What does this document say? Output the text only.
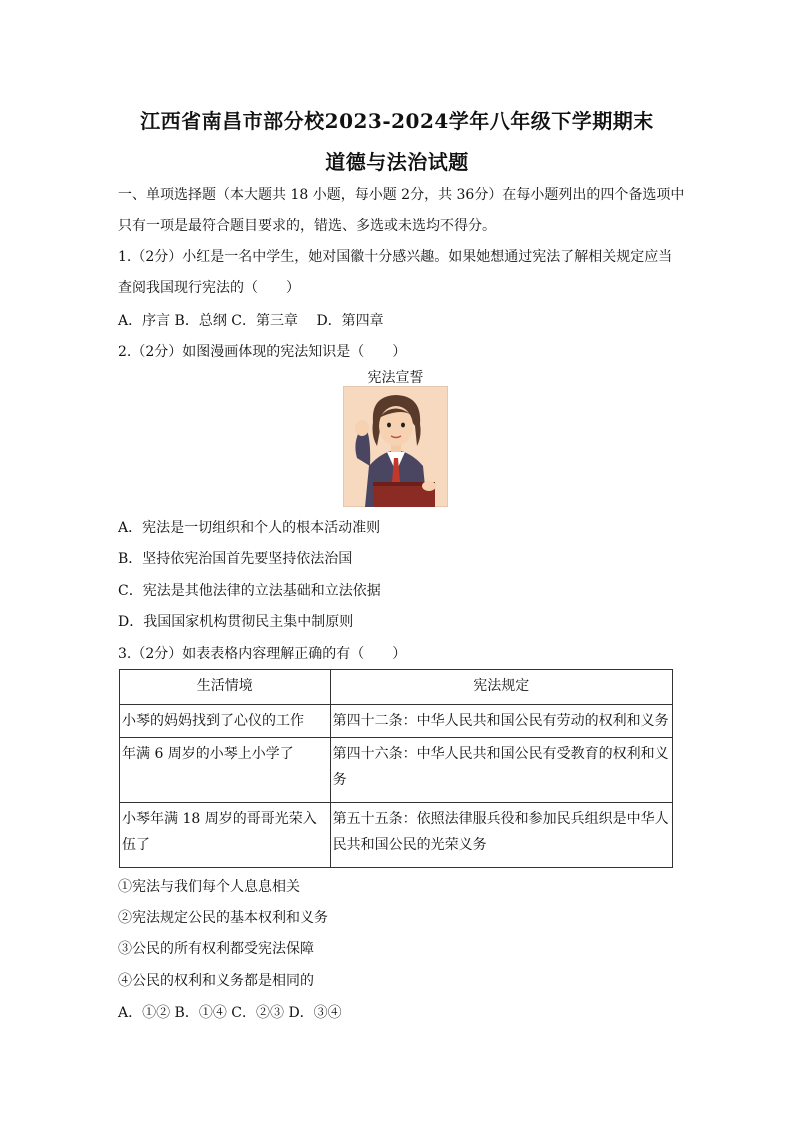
江西省南昌市部分校2023-2024学年八年级下学期期末
道德与法治试题
一、单项选择题（本大题共 18 小题，每小题 2分，共 36分）在每小题列出的四个备选项中
只有一项是最符合题目要求的，错选、多选或未选均不得分。
1.（2分）小红是一名中学生，她对国徽十分感兴趣。如果她想通过宪法了解相关规定应当
查阅我国现行宪法的（　　）
A．序言 B．总纲 C．第三章　 D．第四章
2.（2分）如图漫画体现的宪法知识是（　　）
宪法宣誓
A．宪法是一切组织和个人的根本活动准则
B．坚持依宪治国首先要坚持依法治国
C．宪法是其他法律的立法基础和立法依据
D．我国国家机构贯彻民主集中制原则
3.（2分）如表表格内容理解正确的有（　　）
生活情境	宪法规定
小琴的妈妈找到了心仪的工作	第四十二条：中华人民共和国公民有劳动的权利和义务
年满 6 周岁的小琴上小学了	第四十六条：中华人民共和国公民有受教育的权利和义务
小琴年满 18 周岁的哥哥光荣入伍了	第五十五条：依照法律服兵役和参加民兵组织是中华人民共和国公民的光荣义务
①宪法与我们每个人息息相关
②宪法规定公民的基本权利和义务
③公民的所有权利都受宪法保障
④公民的权利和义务都是相同的
A．①② B．①④ C．②③ D．③④
